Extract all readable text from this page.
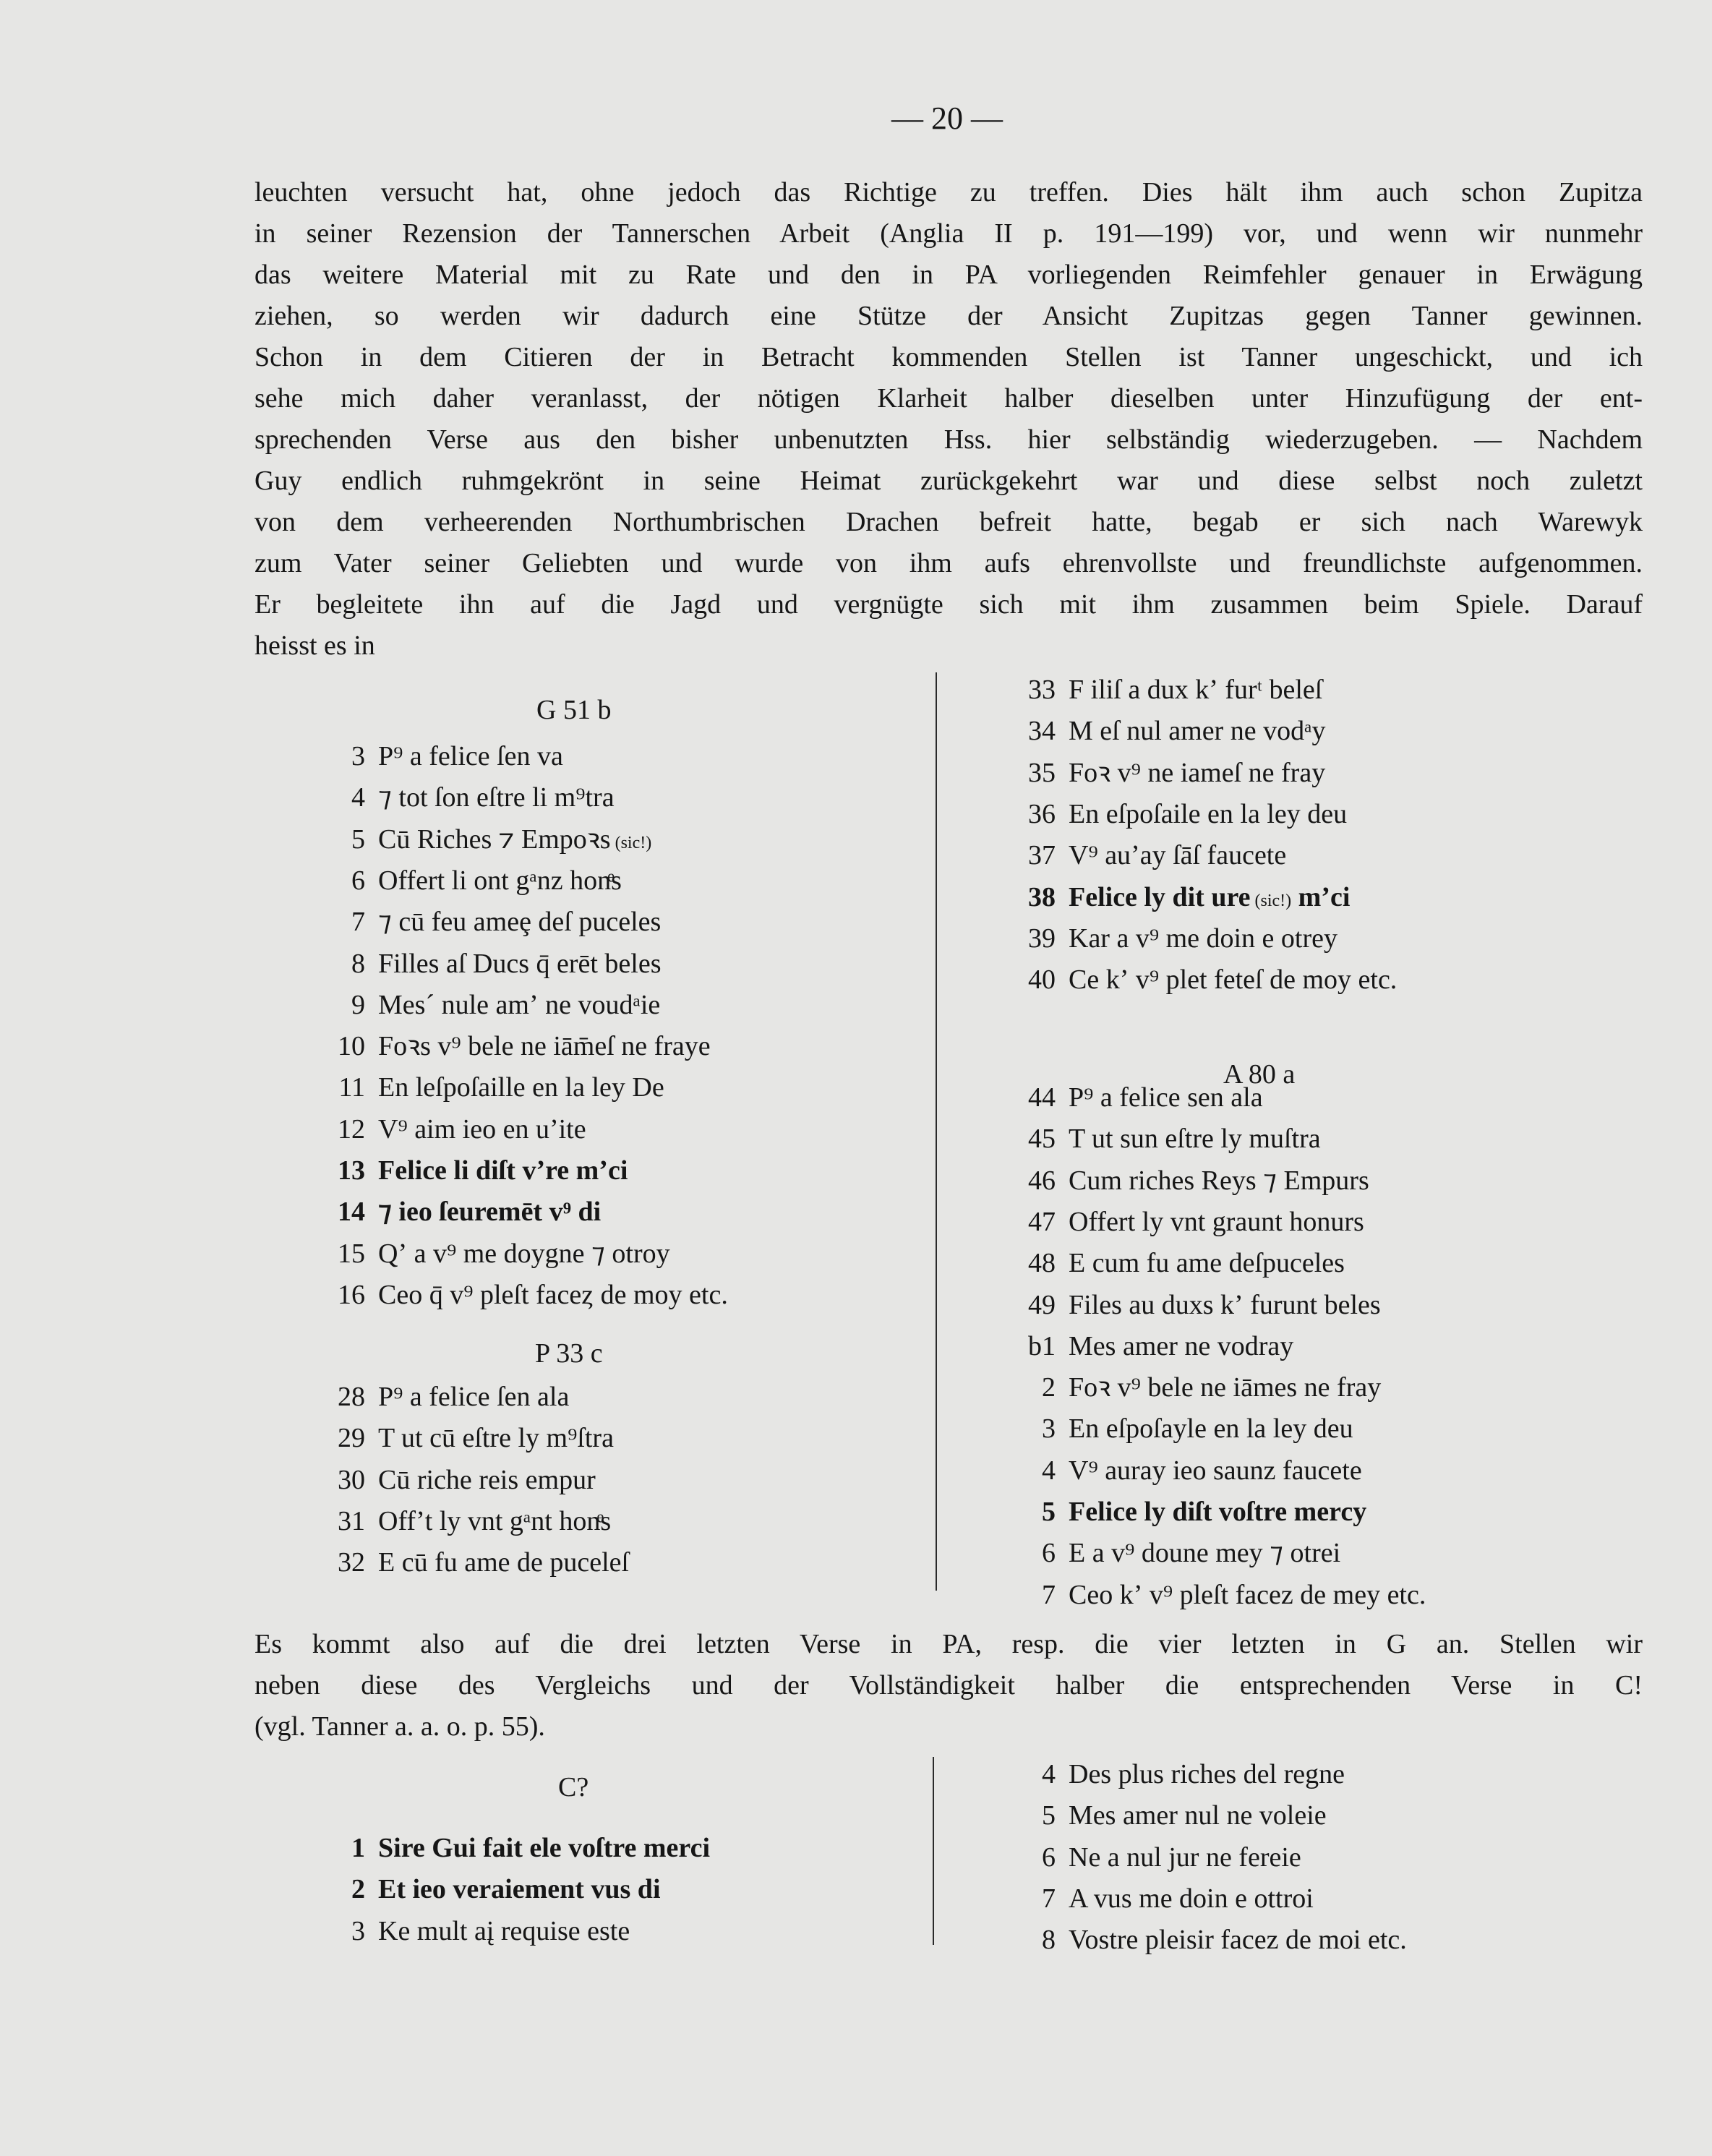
— 20 —
leuchten versucht hat, ohne jedoch das Richtige zu treffen. Dies hält ihm auch schon Zupitza
in seiner Rezension der Tannerschen Arbeit (Anglia II p. 191—199) vor, und wenn wir nunmehr
das weitere Material mit zu Rate und den in PA vorliegenden Reimfehler genauer in Erwägung
ziehen, so werden wir dadurch eine Stütze der Ansicht Zupitzas gegen Tanner gewinnen.
Schon in dem Citieren der in Betracht kommenden Stellen ist Tanner ungeschickt, und ich
sehe mich daher veranlasst, der nötigen Klarheit halber dieselben unter Hinzufügung der ent-
sprechenden Verse aus den bisher unbenutzten Hss. hier selbständig wiederzugeben. — Nachdem
Guy endlich ruhmgekrönt in seine Heimat zurückgekehrt war und diese selbst noch zuletzt
von dem verheerenden Northumbrischen Drachen befreit hatte, begab er sich nach Warewyk
zum Vater seiner Geliebten und wurde von ihm aufs ehrenvollste und freundlichste aufgenommen.
Er begleitete ihn auf die Jagd und vergnügte sich mit ihm zusammen beim Spiele. Darauf
heisst es in
G 51 b
3 P⁹ a felice ſen va
4 ⁊ tot ſon eſtre li m⁹tra
5 Cū Riches ⁊ Empoꝛs (sic!)
6 Offert li ont gᵃnz honͤs
7 ⁊ cū feu ameȩ deſ puceles
8 Filles aſ Ducs q̄ erēt beles
9 Mesˊ nule amʼ ne voudᵃie
10 Foꝛs v⁹ bele ne iām̄eſ ne fraye
11 En leſpoſaille en la ley De
12 V⁹ aim ieo en uʼite
13 Felice li diſt vʼre mʼci
14 ⁊ ieo ſeuremēt v⁹ di
15 Qʼ a v⁹ me doygne ⁊ otroy
16 Ceo q̄ v⁹ pleſt faceȥ de moy etc.
P 33 c
28 P⁹ a felice ſen ala
29 T ut cū eſtre ly m⁹ſtra
30 Cū riche reis empur
31 Offʼt ly vnt gᵃnt honͤs
32 E cū fu ame de puceleſ
33 F iliſ a dux kʼ furᵗ beleſ
34 M eſ nul amer ne vodᵃy
35 Foꝛ v⁹ ne iameſ ne fray
36 En eſpoſaile en la ley deu
37 V⁹ auʼay ſāſ faucete
38 Felice ly dit ure (sic!) mʼci
39 Kar a v⁹ me doin e otrey
40 Ce kʼ v⁹ plet feteſ de moy etc.
A 80 a
44 P⁹ a felice sen ala
45 T ut sun eſtre ly muſtra
46 Cum riches Reys ⁊ Empurs
47 Offert ly vnt graunt honurs
48 E cum fu ame deſpuceles
49 Files au duxs kʼ furunt beles
b1 Mes amer ne vodray
2 Foꝛ v⁹ bele ne iāmes ne fray
3 En eſpoſayle en la ley deu
4 V⁹ auray ieo saunz faucete
5 Felice ly diſt voſtre mercy
6 E a v⁹ doune mey ⁊ otrei
7 Ceo kʼ v⁹ pleſt facez de mey etc.
Es kommt also auf die drei letzten Verse in PA, resp. die vier letzten in G an. Stellen wir
neben diese des Vergleichs und der Vollständigkeit halber die entsprechenden Verse in C!
(vgl. Tanner a. a. o. p. 55).
C?
1 Sire Gui fait ele voſtre merci
2 Et ieo veraiement vus di
3 Ke mult aį requise este
4 Des plus riches del regne
5 Mes amer nul ne voleie
6 Ne a nul jur ne fereie
7 A vus me doin e ottroi
8 Vostre pleisir facez de moi etc.
